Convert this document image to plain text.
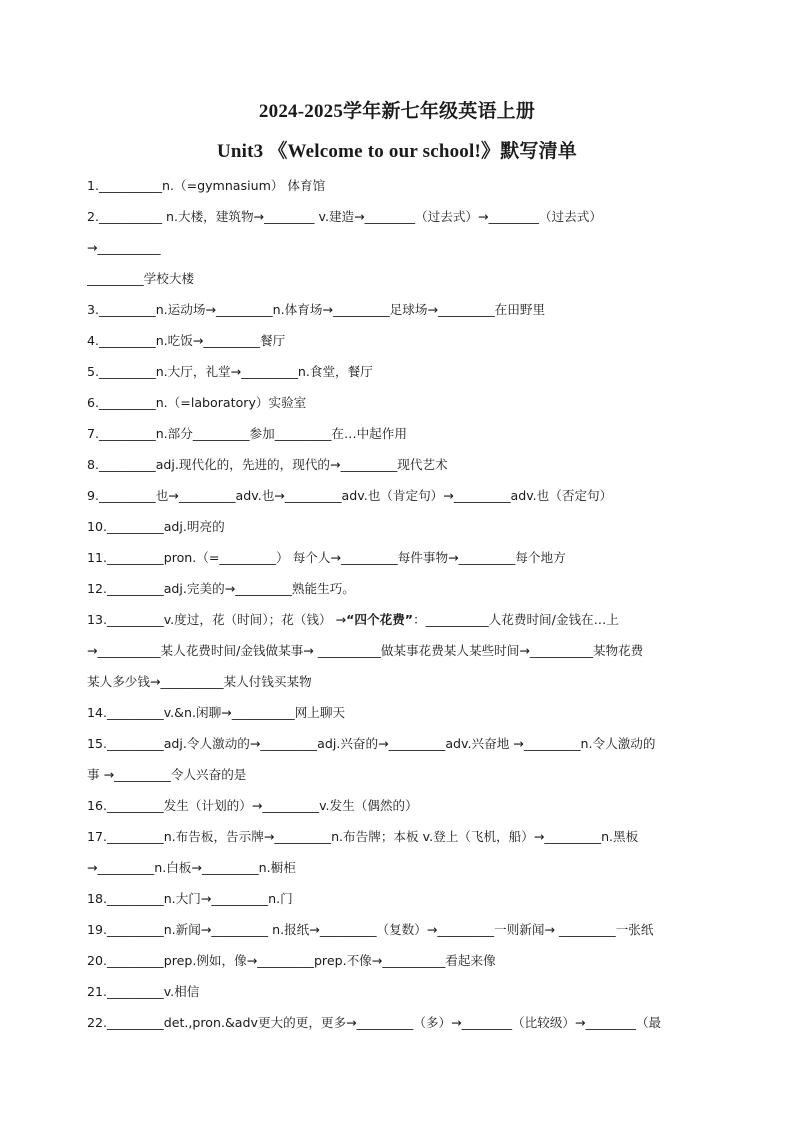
2024-2025学年新七年级英语上册
Unit3 《Welcome to our school!》默写清单
1.__________n.（=gymnasium） 体育馆
2.__________ n.大楼，建筑物→________ v.建造→________（过去式）→________（过去式）
→__________
_________学校大楼
3._________n.运动场→_________n.体育场→_________足球场→_________在田野里
4._________n.吃饭→_________餐厅
5._________n.大厅，礼堂→_________n.食堂，餐厅
6._________n.（=laboratory）实验室
7._________n.部分_________参加_________在…中起作用
8._________adj.现代化的，先进的，现代的→_________现代艺术
9._________也→_________adv.也→_________adv.也（肯定句）→_________adv.也（否定句）
10._________adj.明亮的
11._________pron.（=_________） 每个人→_________每件事物→_________每个地方
12._________adj.完美的→_________熟能生巧。
13._________v.度过，花（时间）；花（钱） →“四个花费”：__________人花费时间/金钱在…上
→__________某人花费时间/金钱做某事→ __________做某事花费某人某些时间→__________某物花费
某人多少钱→__________某人付钱买某物
14._________v.&n.闲聊→__________网上聊天
15._________adj.令人激动的→_________adj.兴奋的→_________adv.兴奋地 →_________n.令人激动的
事 →_________令人兴奋的是
16._________发生（计划的）→_________v.发生（偶然的）
17._________n.布告板，告示牌→_________n.布告牌；本板 v.登上（飞机，船）→_________n.黑板
→_________n.白板→_________n.橱柜
18._________n.大门→_________n.门
19._________n.新闻→_________ n.报纸→_________（复数）→_________一则新闻→ _________一张纸
20._________prep.例如，像→_________prep.不像→__________看起来像
21._________v.相信
22._________det.,pron.&adv更大的更，更多→_________（多）→________（比较级）→________（最
